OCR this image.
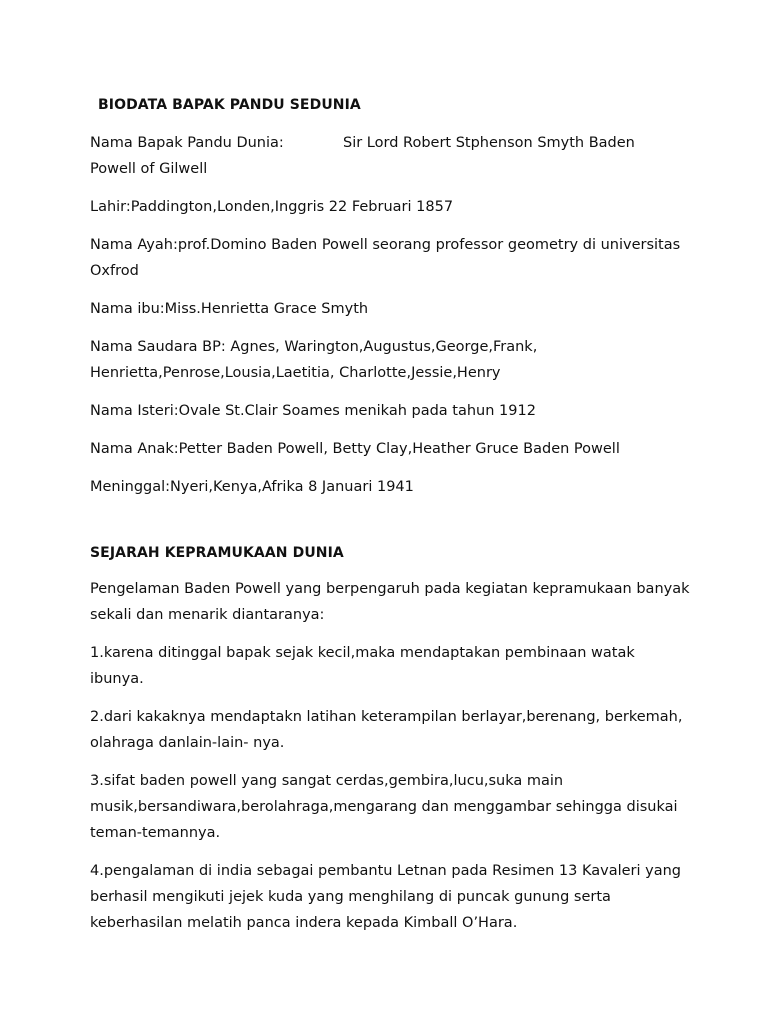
BIODATA BAPAK PANDU SEDUNIA

Nama Bapak Pandu Dunia:	Sir Lord Robert Stphenson Smyth Baden
Powell of Gilwell

Lahir:Paddington,Londen,Inggris 22 Februari 1857

Nama Ayah:prof.Domino Baden Powell seorang professor geometry di universitas
Oxfrod

Nama ibu:Miss.Henrietta Grace Smyth

Nama Saudara BP: Agnes, Warington,Augustus,George,Frank,
Henrietta,Penrose,Lousia,Laetitia, Charlotte,Jessie,Henry

Nama Isteri:Ovale St.Clair Soames menikah pada tahun 1912

Nama Anak:Petter Baden Powell, Betty Clay,Heather Gruce Baden Powell

Meninggal:Nyeri,Kenya,Afrika 8 Januari 1941

SEJARAH KEPRAMUKAAN DUNIA

Pengelaman Baden Powell yang berpengaruh pada kegiatan kepramukaan banyak
sekali dan menarik diantaranya:

1.karena ditinggal bapak sejak kecil,maka mendaptakan pembinaan watak ibunya.

2.dari kakaknya mendaptakn latihan keterampilan berlayar,berenang, berkemah,
olahraga danlain-lain- nya.

3.sifat baden powell yang sangat cerdas,gembira,lucu,suka main
musik,bersandiwara,berolahraga,mengarang dan menggambar sehingga disukai
teman-temannya.

4.pengalaman di india sebagai pembantu Letnan pada Resimen 13 Kavaleri yang
berhasil mengikuti jejek kuda yang menghilang di puncak gunung serta
keberhasilan melatih panca indera kepada Kimball O’Hara.
